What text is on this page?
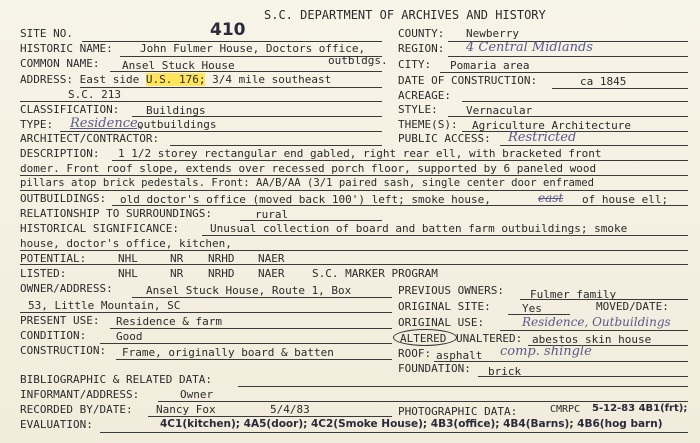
S.C. DEPARTMENT OF ARCHIVES AND HISTORY
SITE NO.	410	COUNTY: Newberry
HISTORIC NAME: John Fulmer House, Doctors office,	REGION: 4 Central Midlands
COMMON NAME: Ansel Stuck House	outbldgs. CITY: Pomaria area
ADDRESS: East side U.S. 176; 3/4 mile southeast	DATE OF CONSTRUCTION:	ca 1845
S.C. 213	ACREAGE:
CLASSIFICATION: Buildings	STYLE:	Vernacular
TYPE: Residence,
outbuildings	THEME(S): Agriculture Architecture
ARCHITECT/CONTRACTOR:	PUBLIC ACCESS: Restricted
DESCRIPTION: 1 1/2 storey rectangular end gabled, right rear ell, with bracketed front
domer. Front roof slope, extends over recessed porch floor, supported by 6 paneled wood
pillars atop brick pedestals. Front: AA/B/AA (3/1 paired sash, single center door enframed
OUTBUILDINGS: old doctor's office (moved back 100') left; smoke house,	east of house ell;
RELATIONSHIP TO SURROUNDINGS:	rural
HISTORICAL SIGNIFICANCE:	Unusual collection of board and batten farm outbuildings; smoke
house, doctor's office, kitchen,
POTENTIAL:	NHL	NR NRHD NAER
LISTED:	NHL	NR NRHD NAER	S.C. MARKER PROGRAM
OWNER/ADDRESS:	Ansel Stuck House, Route 1, Box	PREVIOUS OWNERS: Fulmer family
53, Little Mountain, SC	ORIGINAL SITE:	Yes	MOVED/DATE:
PRESENT USE: Residence & farm	ORIGINAL USE:	Residence, Outbuildings
CONDITION:	Good	ALTERED UNALTERED: abestos skin house
CONSTRUCTION: Frame, originally board & batten	ROOF: asphalt comp. shingle
FOUNDATION: brick
BIBLIOGRAPHIC & RELATED DATA:
INFORMANT/ADDRESS:	Owner
RECORDED BY/DATE: Nancy Fox	5/4/83	PHOTOGRAPHIC DATA:	CMRPC 5-12-83 4B1(frt);
EVALUATION:	4C1(kitchen); 4A5(door); 4C2(Smoke House); 4B3(office); 4B4(Barns); 4B6(hog barn)
